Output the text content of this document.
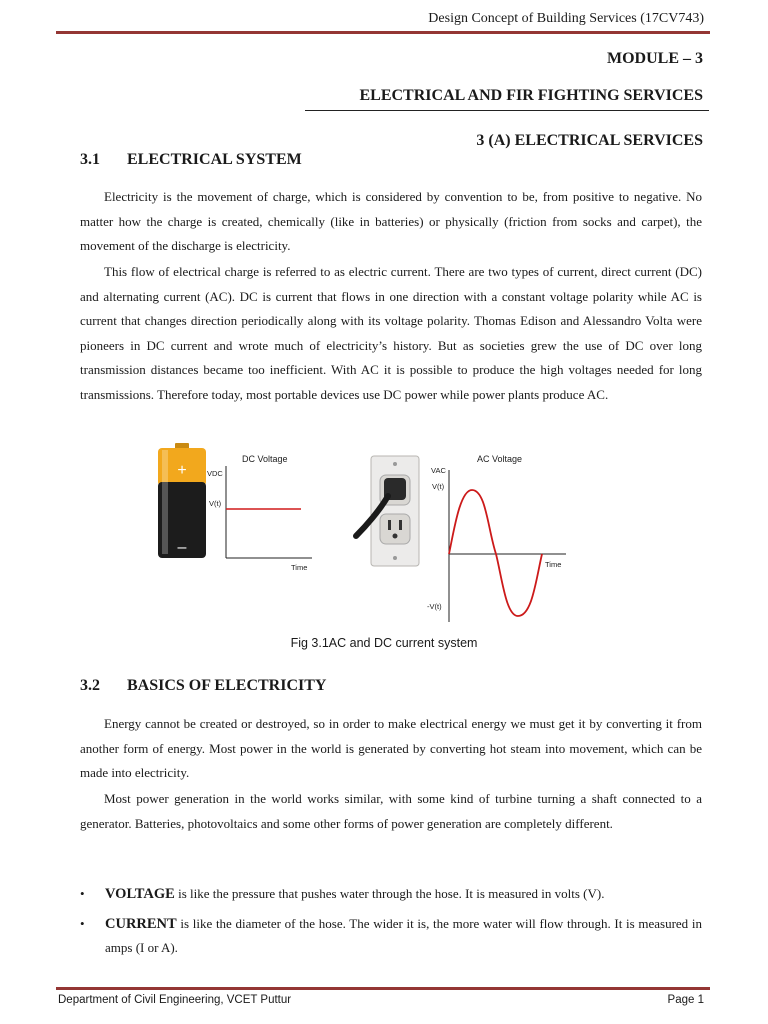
Design Concept of Building Services (17CV743)
MODULE – 3
ELECTRICAL AND FIR FIGHTING SERVICES
3 (A) ELECTRICAL SERVICES
3.1 ELECTRICAL SYSTEM

Electricity is the movement of charge, which is considered by convention to be, from positive to negative. No matter how the charge is created, chemically (like in batteries) or physically (friction from socks and carpet), the movement of the discharge is electricity.

This flow of electrical charge is referred to as electric current. There are two types of current, direct current (DC) and alternating current (AC). DC is current that flows in one direction with a constant voltage polarity while AC is current that changes direction periodically along with its voltage polarity. Thomas Edison and Alessandro Volta were pioneers in DC current and wrote much of electricity’s history. But as societies grew the use of DC over long transmission distances became too inefficient. With AC it is possible to produce the high voltages needed for long transmissions. Therefore today, most portable devices use DC power while power plants produce AC.

+
–
DC Voltage
VDC
V(t)
Time
AC Voltage
VAC
V(t)
-V(t)
Time
Fig 3.1AC and DC current system
3.2 BASICS OF ELECTRICITY

Energy cannot be created or destroyed, so in order to make electrical energy we must get it by converting it from another form of energy. Most power in the world is generated by converting hot steam into movement, which can be made into electricity.

Most power generation in the world works similar, with some kind of turbine turning a shaft connected to a generator. Batteries, photovoltaics and some other forms of power generation are completely different.

• VOLTAGE is like the pressure that pushes water through the hose. It is measured in volts (V).
• CURRENT is like the diameter of the hose. The wider it is, the more water will flow through. It is measured in amps (I or A).
Department of Civil Engineering, VCET Puttur	Page 1
